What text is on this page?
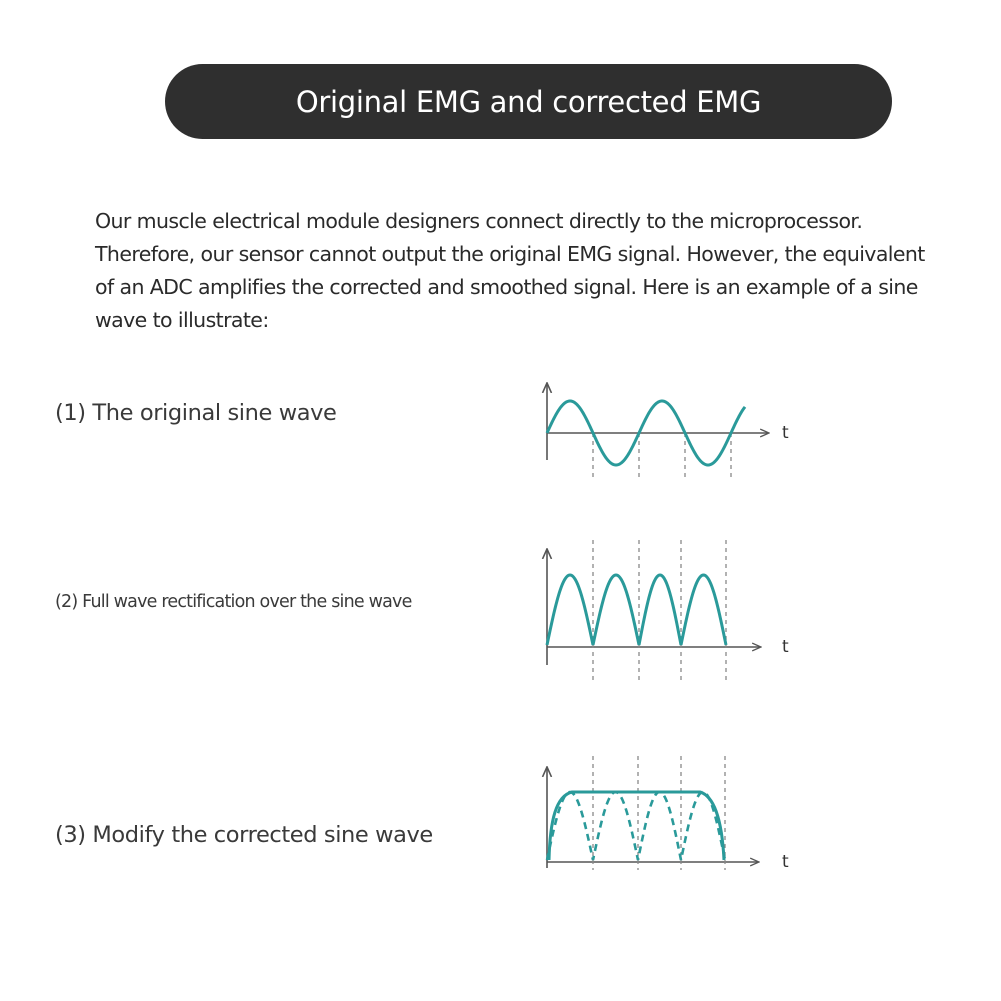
Original EMG and corrected EMG
Our muscle electrical module designers connect directly to the microprocessor. Therefore, our sensor cannot output the original EMG signal. However, the equivalent of an ADC amplifies the corrected and smoothed signal. Here is an example of a sine wave to illustrate:
(1) The original sine wave
(2) Full wave rectification over the sine wave
(3) Modify the corrected sine wave
t
t
t
